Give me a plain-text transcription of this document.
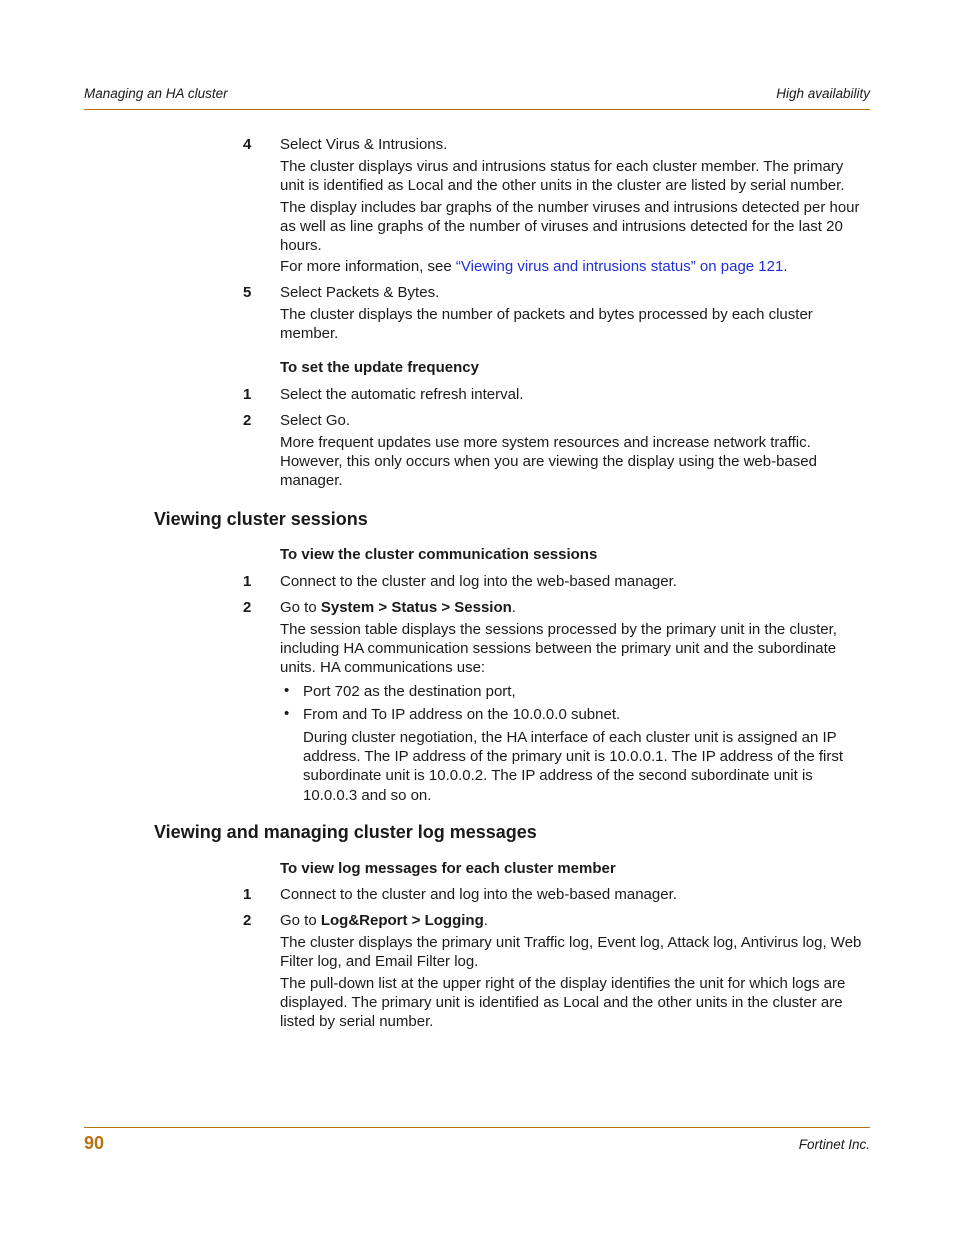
Managing an HA cluster	High availability
4 Select Virus & Intrusions.
The cluster displays virus and intrusions status for each cluster member. The primary unit is identified as Local and the other units in the cluster are listed by serial number.
The display includes bar graphs of the number viruses and intrusions detected per hour as well as line graphs of the number of viruses and intrusions detected for the last 20 hours.
For more information, see “Viewing virus and intrusions status” on page 121.
5 Select Packets & Bytes.
The cluster displays the number of packets and bytes processed by each cluster member.
To set the update frequency
1 Select the automatic refresh interval.
2 Select Go.
More frequent updates use more system resources and increase network traffic. However, this only occurs when you are viewing the display using the web-based manager.
Viewing cluster sessions
To view the cluster communication sessions
1 Connect to the cluster and log into the web-based manager.
2 Go to System > Status > Session.
The session table displays the sessions processed by the primary unit in the cluster, including HA communication sessions between the primary unit and the subordinate units. HA communications use:
• Port 702 as the destination port,
• From and To IP address on the 10.0.0.0 subnet.
During cluster negotiation, the HA interface of each cluster unit is assigned an IP address. The IP address of the primary unit is 10.0.0.1. The IP address of the first subordinate unit is 10.0.0.2. The IP address of the second subordinate unit is 10.0.0.3 and so on.
Viewing and managing cluster log messages
To view log messages for each cluster member
1 Connect to the cluster and log into the web-based manager.
2 Go to Log&Report > Logging.
The cluster displays the primary unit Traffic log, Event log, Attack log, Antivirus log, Web Filter log, and Email Filter log.
The pull-down list at the upper right of the display identifies the unit for which logs are displayed. The primary unit is identified as Local and the other units in the cluster are listed by serial number.
90	Fortinet Inc.
